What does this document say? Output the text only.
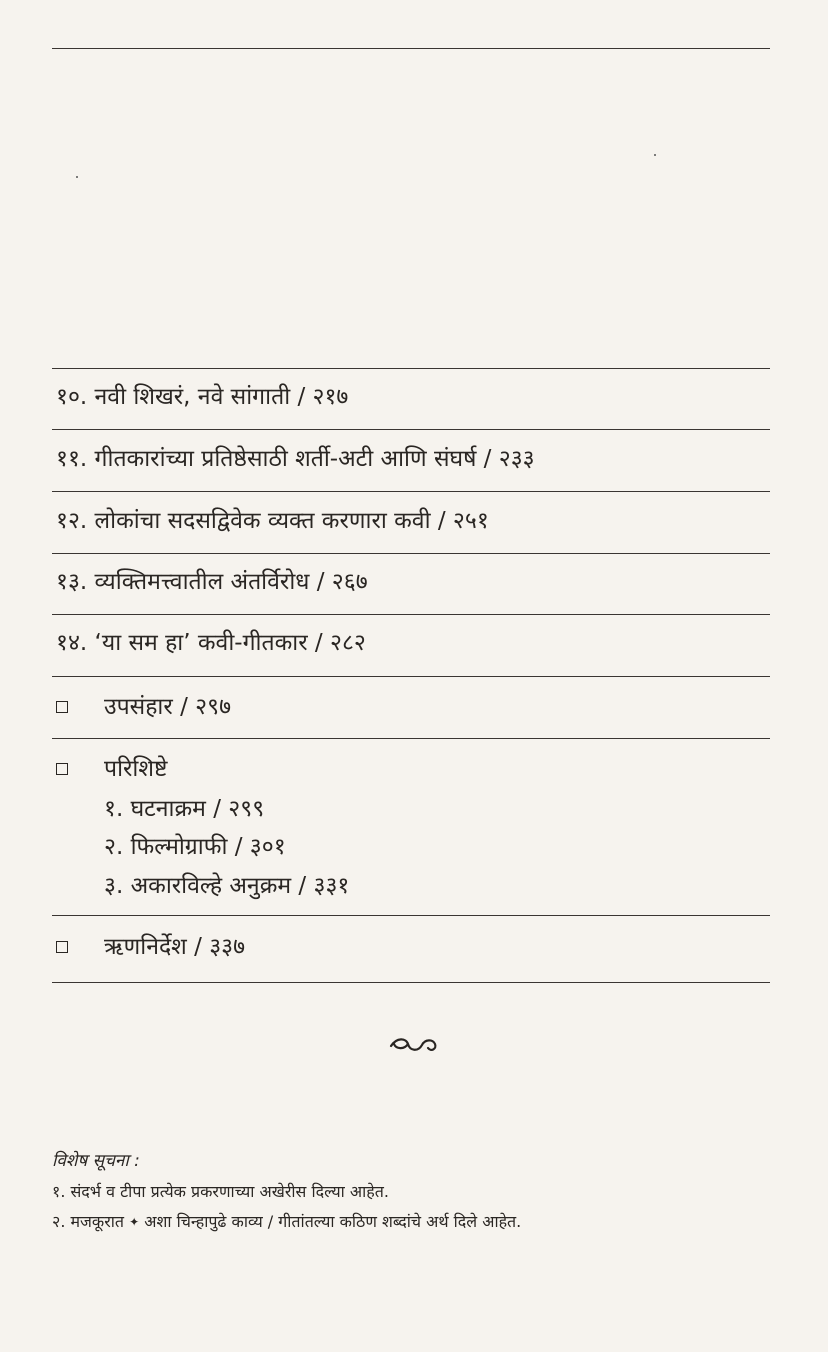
१०. नवी शिखरं, नवे सांगाती / २१७
११. गीतकारांच्या प्रतिष्ठेसाठी शर्ती-अटी आणि संघर्ष / २३३
१२. लोकांचा सदसद्विवेक व्यक्त करणारा कवी / २५१
१३. व्यक्तिमत्त्वातील अंतर्विरोध / २६७
१४. ‘या सम हा’ कवी-गीतकार / २८२
उपसंहार / २९७
परिशिष्टे
१. घटनाक्रम / २९९
२. फिल्मोग्राफी / ३०१
३. अकारविल्हे अनुक्रम / ३३१
ऋणनिर्देश / ३३७
विशेष सूचना :
१. संदर्भ व टीपा प्रत्येक प्रकरणाच्या अखेरीस दिल्या आहेत.
२. मजकूरात ✦ अशा चिन्हापुढे काव्य / गीतांतल्या कठिण शब्दांचे अर्थ दिले आहेत.
